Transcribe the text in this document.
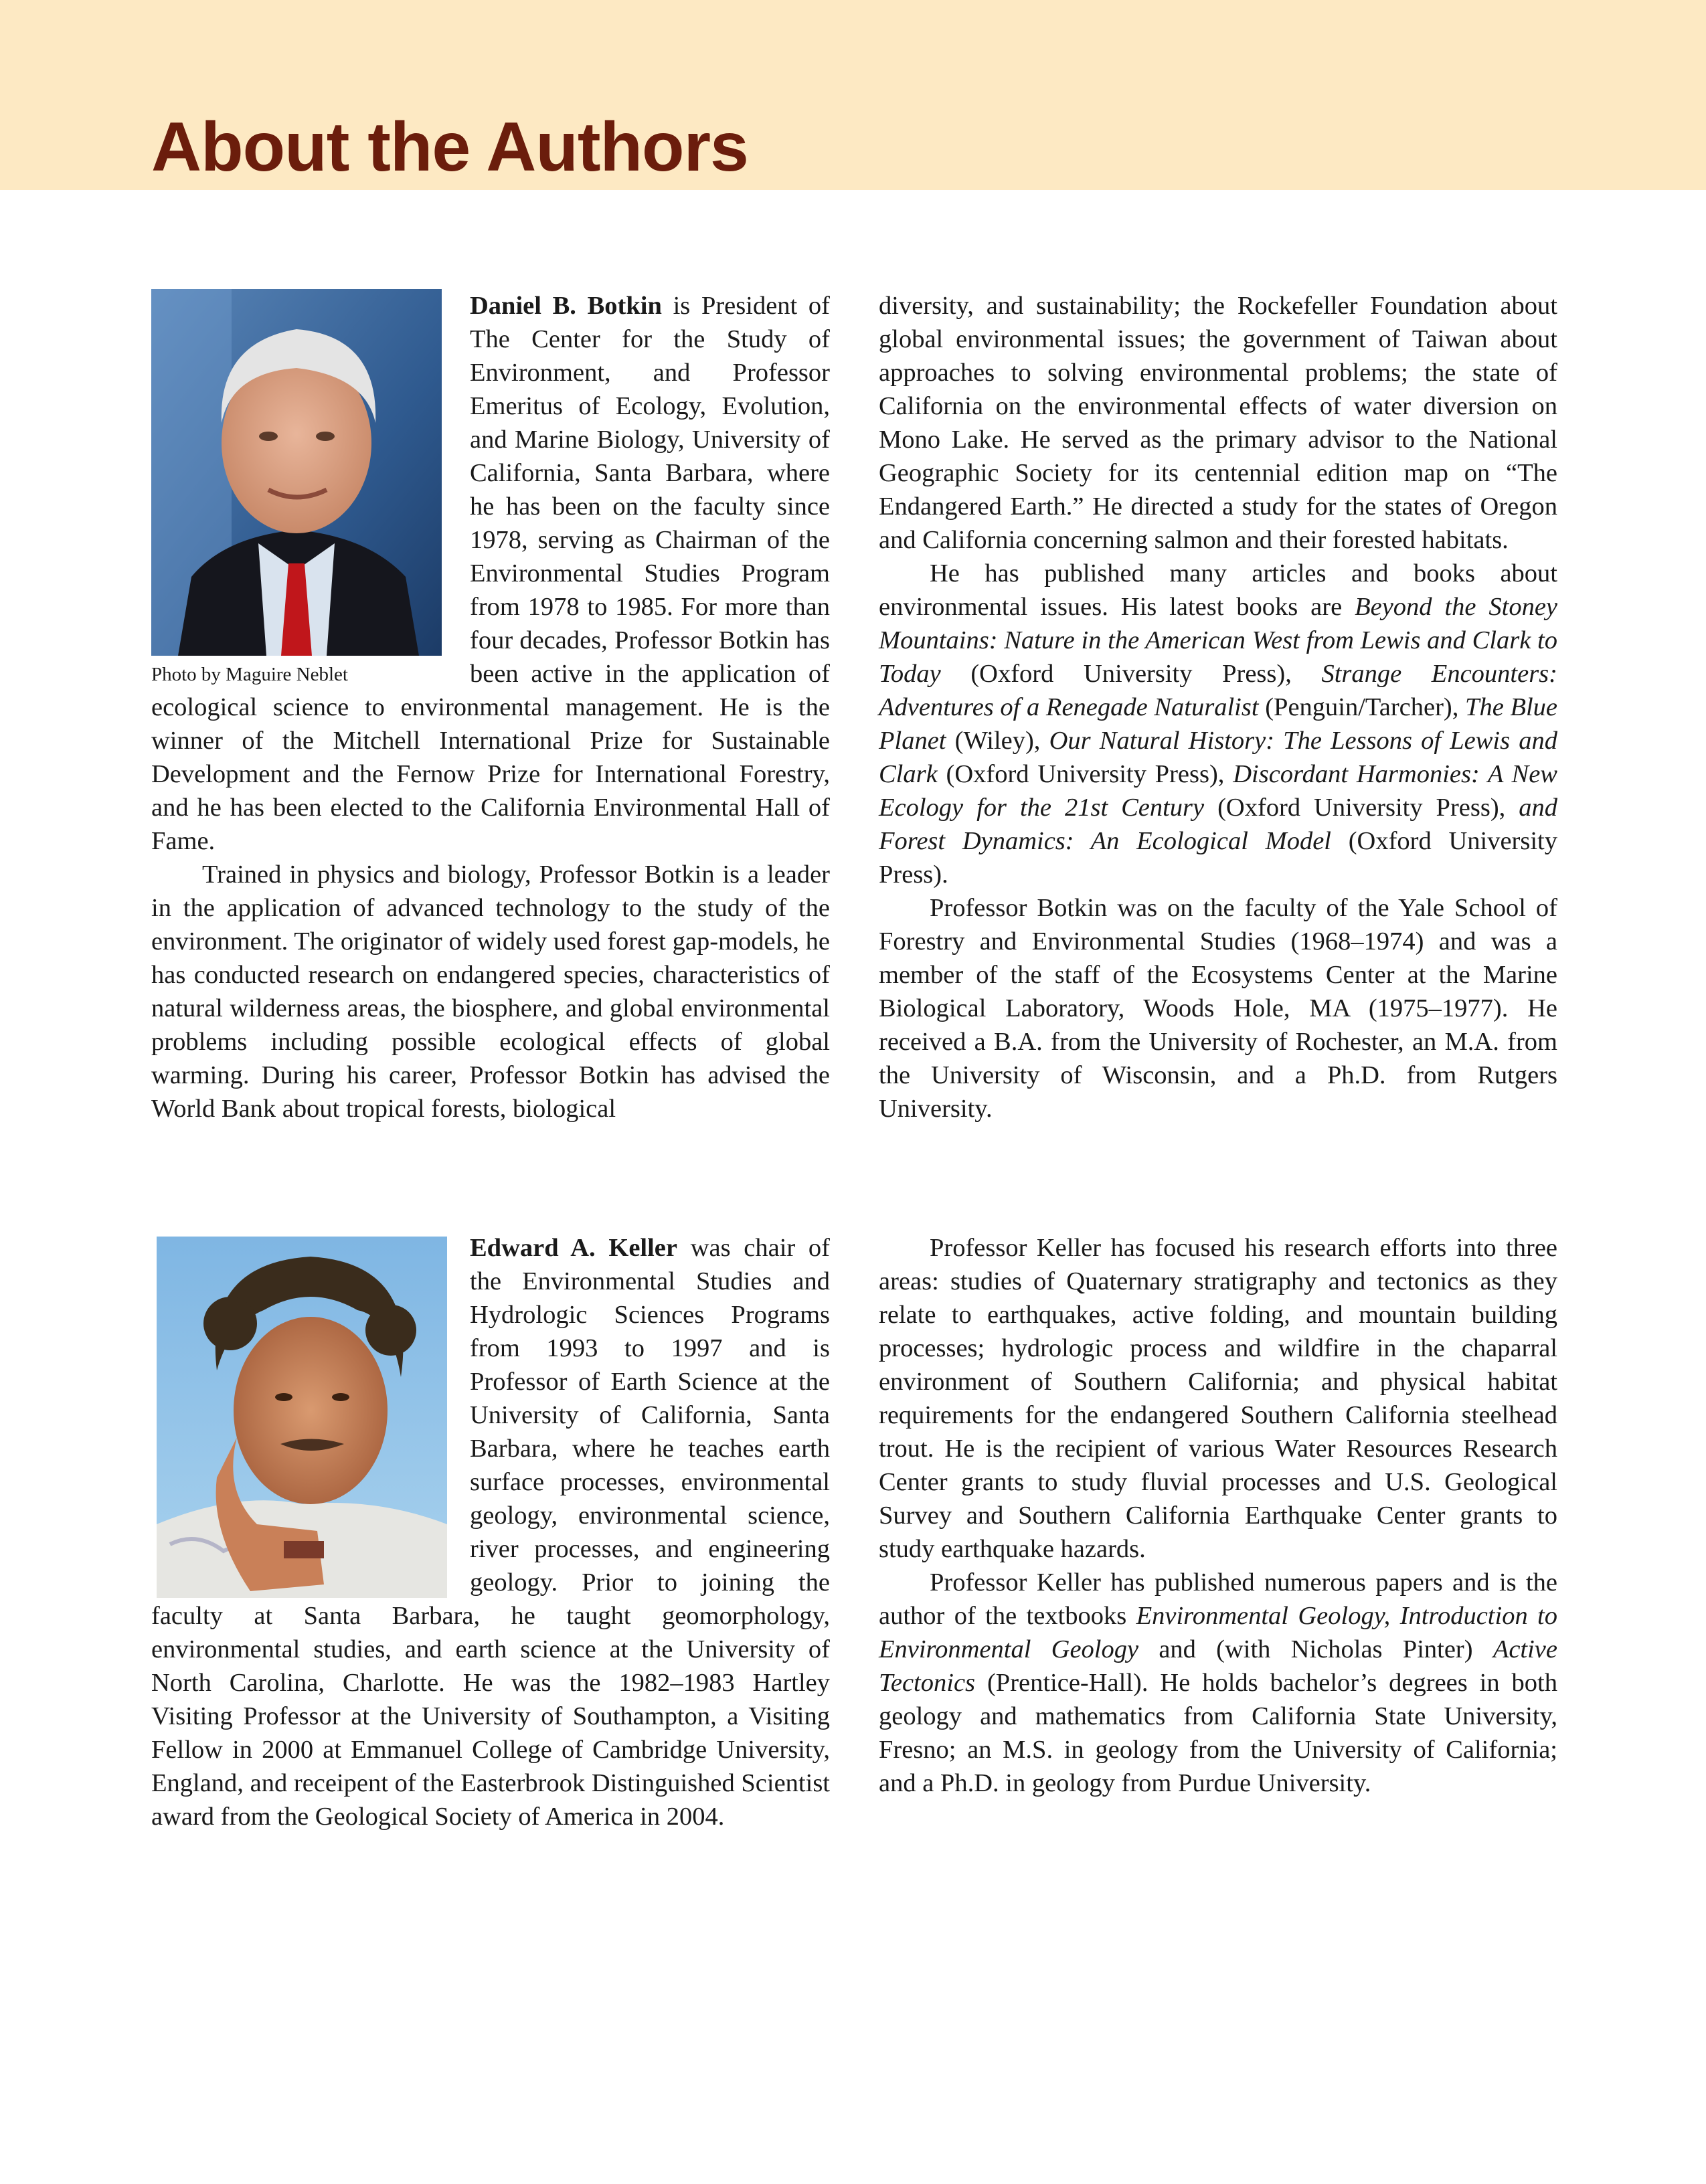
About the Authors
Photo by Maguire Neblet

Daniel B. Botkin is President of The Center for the Study of Environment, and Professor Emeritus of Ecology, Evolution, and Marine Biology, University of California, Santa Barbara, where he has been on the faculty since 1978, serving as Chairman of the Environmental Studies Program from 1978 to 1985. For more than four decades, Professor Botkin has been active in the application of ecological science to environmental management. He is the winner of the Mitchell International Prize for Sustainable Development and the Fernow Prize for International Forestry, and he has been elected to the California Environmental Hall of Fame.

Trained in physics and biology, Professor Botkin is a leader in the application of advanced technology to the study of the environment. The originator of widely used forest gap-models, he has conducted research on endangered species, characteristics of natural wilderness areas, the biosphere, and global environmental problems including possible ecological effects of global warming. During his career, Professor Botkin has advised the World Bank about tropical forests, biological

diversity, and sustainability; the Rockefeller Foundation about global environmental issues; the government of Taiwan about approaches to solving environmental problems; the state of California on the environmental effects of water diversion on Mono Lake. He served as the primary advisor to the National Geographic Society for its centennial edition map on “The Endangered Earth.” He directed a study for the states of Oregon and California concerning salmon and their forested habitats.

He has published many articles and books about environmental issues. His latest books are Beyond the Stoney Mountains: Nature in the American West from Lewis and Clark to Today (Oxford University Press), Strange Encounters: Adventures of a Renegade Naturalist (Penguin/Tarcher), The Blue Planet (Wiley), Our Natural History: The Lessons of Lewis and Clark (Oxford University Press), Discordant Harmonies: A New Ecology for the 21st Century (Oxford University Press), and Forest Dynamics: An Ecological Model (Oxford University Press).

Professor Botkin was on the faculty of the Yale School of Forestry and Environmental Studies (1968–1974) and was a member of the staff of the Ecosystems Center at the Marine Biological Laboratory, Woods Hole, MA (1975–1977). He received a B.A. from the University of Rochester, an M.A. from the University of Wisconsin, and a Ph.D. from Rutgers University.

Edward A. Keller was chair of the Environmental Studies and Hydrologic Sciences Programs from 1993 to 1997 and is Professor of Earth Science at the University of California, Santa Barbara, where he teaches earth surface processes, environmental geology, environmental science, river processes, and engineering geology. Prior to joining the faculty at Santa Barbara, he taught geomorphology, environmental studies, and earth science at the University of North Carolina, Charlotte. He was the 1982–1983 Hartley Visiting Professor at the University of Southampton, a Visiting Fellow in 2000 at Emmanuel College of Cambridge University, England, and receipent of the Easterbrook Distinguished Scientist award from the Geological Society of America in 2004.

Professor Keller has focused his research efforts into three areas: studies of Quaternary stratigraphy and tectonics as they relate to earthquakes, active folding, and mountain building processes; hydrologic process and wildfire in the chaparral environment of Southern California; and physical habitat requirements for the endangered Southern California steelhead trout. He is the recipient of various Water Resources Research Center grants to study fluvial processes and U.S. Geological Survey and Southern California Earthquake Center grants to study earthquake hazards.

Professor Keller has published numerous papers and is the author of the textbooks Environmental Geology, Introduction to Environmental Geology and (with Nicholas Pinter) Active Tectonics (Prentice-Hall). He holds bachelor’s degrees in both geology and mathematics from California State University, Fresno; an M.S. in geology from the University of California; and a Ph.D. in geology from Purdue University.
